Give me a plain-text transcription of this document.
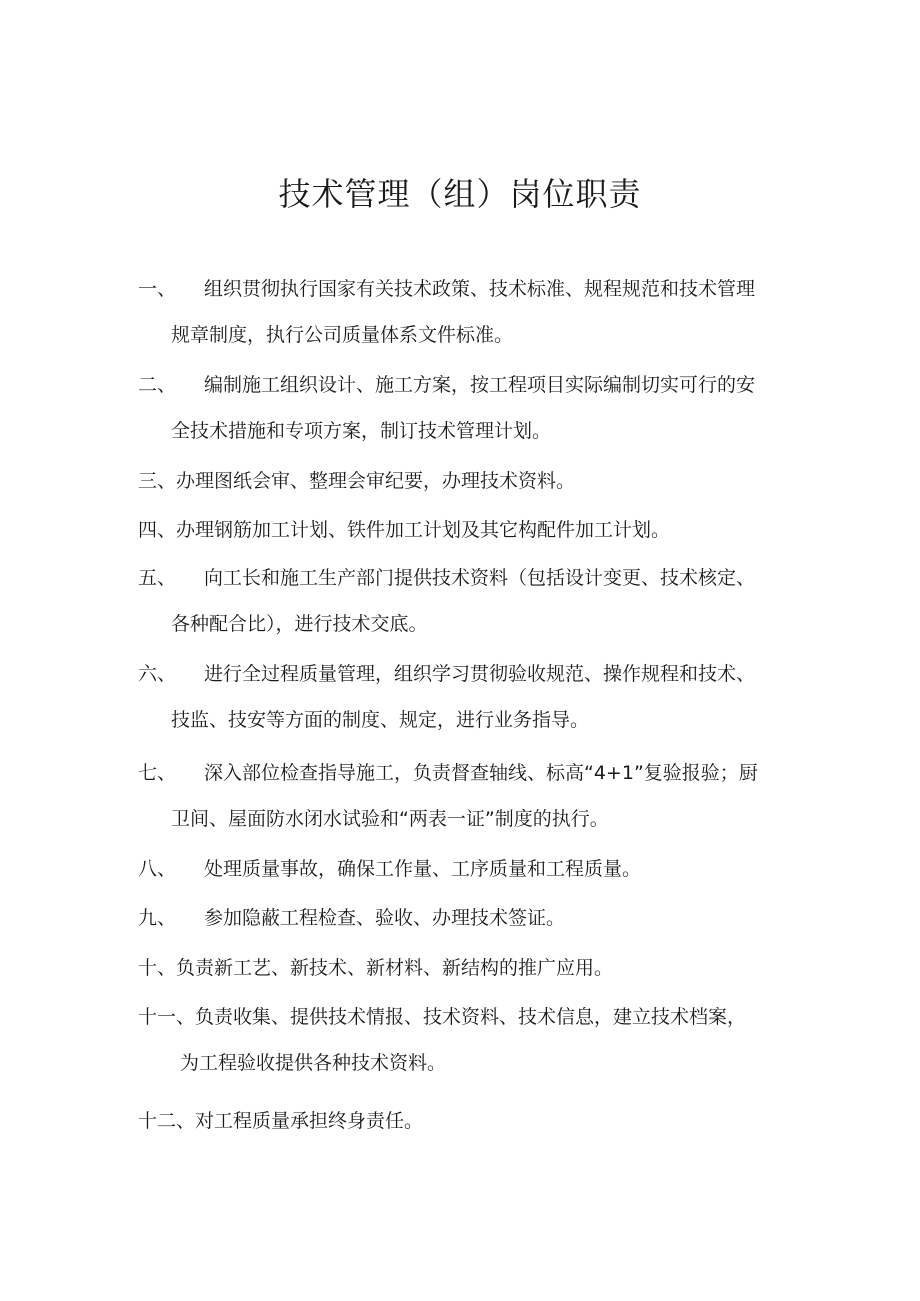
技术管理（组）岗位职责
一、 组织贯彻执行国家有关技术政策、技术标准、规程规范和技术管理
规章制度，执行公司质量体系文件标准。
二、 编制施工组织设计、施工方案，按工程项目实际编制切实可行的安
全技术措施和专项方案，制订技术管理计划。
三、办理图纸会审、整理会审纪要，办理技术资料。
四、办理钢筋加工计划、铁件加工计划及其它构配件加工计划。
五、 向工长和施工生产部门提供技术资料（包括设计变更、技术核定、
各种配合比），进行技术交底。
六、 进行全过程质量管理，组织学习贯彻验收规范、操作规程和技术、
技监、技安等方面的制度、规定，进行业务指导。
七、 深入部位检查指导施工，负责督查轴线、标高“4+1”复验报验；厨
卫间、屋面防水闭水试验和“两表一证”制度的执行。
八、 处理质量事故，确保工作量、工序质量和工程质量。
九、 参加隐蔽工程检查、验收、办理技术签证。
十、负责新工艺、新技术、新材料、新结构的推广应用。
十一、负责收集、提供技术情报、技术资料、技术信息，建立技术档案，
为工程验收提供各种技术资料。
十二、对工程质量承担终身责任。
